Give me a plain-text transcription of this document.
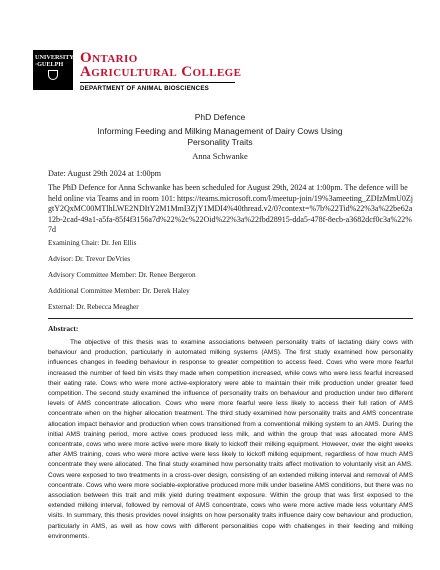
UNIVERSITY
·GUELPH	Ontario
Agricultural College
DEPARTMENT OF ANIMAL BIOSCIENCES
PhD Defence
Informing Feeding and Milking Management of Dairy Cows Using Personality Traits
Anna Schwanke
Date: August 29th 2024 at 1:00pm
The PhD Defence for Anna Schwanke has been scheduled for August 29th, 2024 at 1:00pm. The defence will be held online via Teams and in room 101: https://teams.microsoft.com/l/meetup-join/19%3ameeting_ZDIzMmU0ZjgtY2QxMC00MTlhLWE2NDItY2M1MmI3ZjY1MDI4%40thread.v2/0?context=%7b%22Tid%22%3a%22be62a12b-2cad-49a1-a5fa-85f4f3156a7d%22%2c%22Oid%22%3a%22fbd28915-dda5-478f-8ecb-a3682dcf0c3a%22%7d
Examining Chair: Dr. Jen Ellis
Advisor: Dr. Trevor DeVries
Advisory Committee Member: Dr. Renee Bergeron
Additional Committee Member: Dr. Derek Haley
External: Dr. Rebecca Meagher
Abstract:

The objective of this thesis was to examine associations between personality traits of lactating dairy cows with behaviour and production, particularly in automated milking systems (AMS). The first study examined how personality influences changes in feeding behaviour in response to greater competition to access feed. Cows who were more fearful increased the number of feed bin visits they made when competition increased, while cows who were less fearful increased their eating rate. Cows who were more active-exploratory were able to maintain their milk production under greater feed competition. The second study examined the influence of personality traits on behaviour and production under two different levels of AMS concentrate allocation. Cows who were more fearful were less likely to access their full ration of AMS concentrate when on the higher allocation treatment. The third study examined how personality traits and AMS concentrate allocation impact behavior and production when cows transitioned from a conventional milking system to an AMS. During the initial AMS training period, more active cows produced less milk, and within the group that was allocated more AMS concentrate, cows who were more active were more likely to kickoff their milking equipment. However, over the eight weeks after AMS training, cows who were more active were less likely to kickoff milking equipment, regardless of how much AMS concentrate they were allocated. The final study examined how personality traits affect motivation to voluntarily visit an AMS. Cows were exposed to two treatments in a cross-over design, consisting of an extended milking interval and removal of AMS concentrate. Cows who were more sociable-explorative produced more milk under baseline AMS conditions, but there was no association between this trait and milk yield during treatment exposure. Within the group that was first exposed to the extended milking interval, followed by removal of AMS concentrate, cows who were more active made less voluntary AMS visits. In summary, this thesis provides novel insights on how personality traits influence dairy cow behaviour and production, particularly in AMS, as well as how cows with different personalities cope with challenges in their feeding and milking environments.
